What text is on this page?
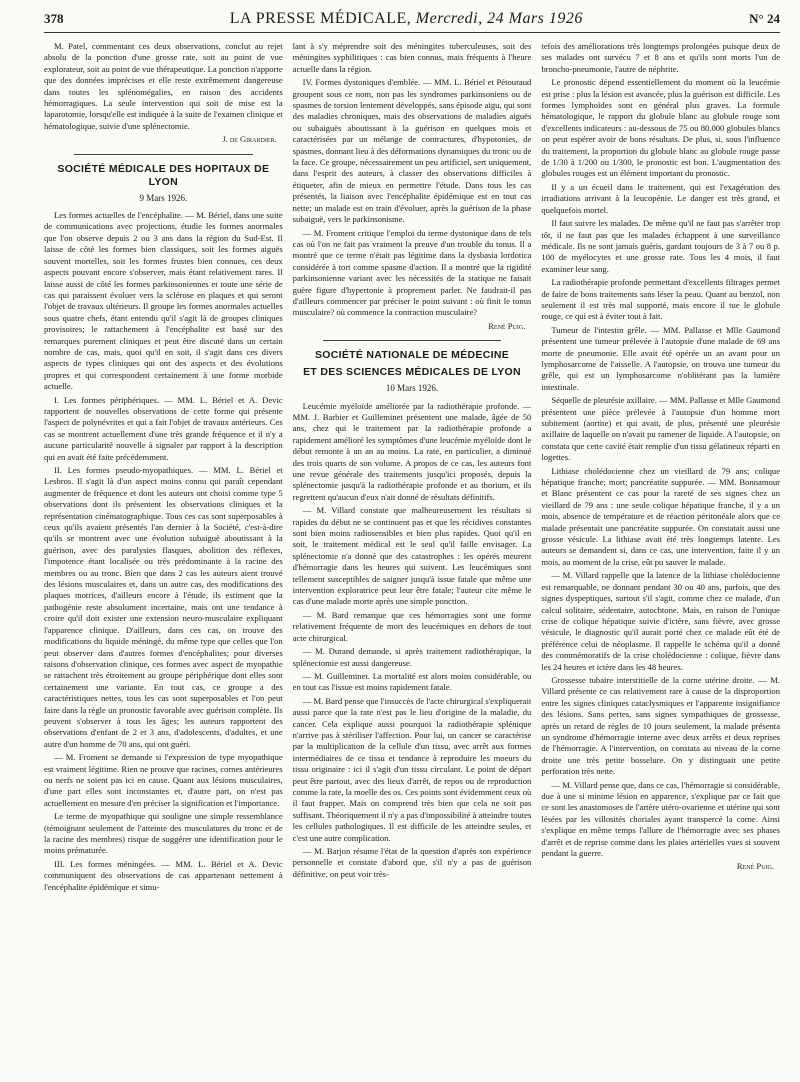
378	LA PRESSE MÉDICALE, Mercredi, 24 Mars 1926	N° 24

M. Patel, commentant ces deux observations, conclut au rejet absolu de la ponction d'une grosse rate, soit au point de vue explorateur, soit au point de vue thérapeutique. La ponction n'apporte que des données imprécises et elle reste extrêmement dangereuse dans toutes les splénomégalies, en raison des accidents hémorragiques. La seule intervention qui soit de mise est la laparotomie, lorsqu'elle est indiquée à la suite de l'examen clinique et hématologique, suivie d'une splénectomie.

J. de Girardier.
SOCIÉTÉ MÉDICALE DES HOPITAUX DE LYON
9 Mars 1926.

Les formes actuelles de l'encéphalite. — M. Bériel, dans une suite de communications avec projections, étudie les formes anormales que l'on observe depuis 2 ou 3 ans dans la région du Sud-Est. Il laisse de côté les formes bien classiques, soit les formes aiguës souvent mortelles, soit les formes frustes bien connues, ces deux aspects pouvant encore s'observer, mais étant relativement rares. Il laisse aussi de côté les formes parkinsoniennes et toute une série de cas qui paraissent évoluer vers la sclérose en plaques et qui seront l'objet de travaux ultérieurs. Il groupe les formes anormales actuelles sous quatre chefs, étant entendu qu'il s'agit là de groupes cliniques provisoires; le rattachement à l'encéphalite est basé sur des remarques purement cliniques et peut être discuté dans un certain nombre de cas, mais, quoi qu'il en soit, il s'agit dans ces divers aspects de types cliniques qui ont des aspects et des évolutions propres et qui correspondent certainement à une forme morbide actuelle.

I. Les formes périphériques. — MM. L. Bériel et A. Devic rapportent de nouvelles observations de cette forme qui présente l'aspect de polynévrites et qui a fait l'objet de travaux antérieurs. Ces cas se montrent actuellement d'une très grande fréquence et il n'y a aucune particularité nouvelle à signaler par rapport à la description qui en avait été faite précédemment.

II. Les formes pseudo-myopathiques. — MM. L. Bériel et Lesbros. Il s'agit là d'un aspect moins connu qui paraît cependant augmenter de fréquence et dont les auteurs ont choisi comme type 5 observations dont ils présentent les observations cliniques et la représentation cinématographique. Tous ces cas sont superposables à ceux qu'ils avaient présentés l'an dernier à la Société, c'est-à-dire qu'ils se montrent avec une évolution subaiguë aboutissant à la guérison, avec des paralysies flasques, abolition des réflexes, l'impotence étant localisée ou très prédominante à la racine des membres ou au tronc. Bien que dans 2 cas les auteurs aient trouvé des lésions musculaires et, dans un autre cas, des modifications des plaques motrices, d'ailleurs encore à l'étude, ils estiment que la pathogénie reste absolument incertaine, mais ont une tendance à croire qu'il doit exister une extension neuro-musculaire expliquant l'apparence clinique. D'ailleurs, dans ces cas, on trouve des modifications du liquide méningé, du même type que celles que l'on peut observer dans d'autres formes d'encéphalites; pour diverses raisons d'observation clinique, ces formes avec aspect de myopathie se rattachent très étroitement au groupe périphérique dont elles sont certainement une variante. En tout cas, ce groupe a des caractéristiques nettes, tous les cas sont superposables et l'on peut faire dans la règle un pronostic favorable avec guérison complète. Ils peuvent s'observer à tous les âges; les auteurs rapportent des observations d'enfant de 2 et 3 ans, d'adolescents, d'adultes, et une autre d'un homme de 70 ans, qui ont guéri.

— M. Froment se demande si l'expression de type myopathique est vraiment légitime. Rien ne prouve que racines, cornes antérieures ou nerfs ne soient pas ici en cause. Quant aux lésions musculaires, d'une part elles sont inconstantes et, d'autre part, on n'est pas actuellement en mesure d'en préciser la signification et l'importance.

Le terme de myopathique qui souligne une simple ressemblance (témoignant seulement de l'atteinte des musculatures du tronc et de la racine des membres) risque de suggérer une identification pour le moins prématurée.

III. Les formes méningées. — MM. L. Bériel et A. Devic communiquent des observations de cas appartenant nettement à l'encéphalite épidémique et simu-

lant à s'y méprendre soit des méningites tuberculeuses, soit des méningites syphilitiques : cas bien connus, mais fréquents à l'heure actuelle dans la région.

IV. Formes dystoniques d'emblée. — MM. L. Bériel et Pétouraud groupent sous ce nom, non pas les syndromes parkinsoniens ou de spasmes de torsion lentement développés, sans épisode aigu, qui sont des maladies chroniques, mais des observations de maladies aiguës ou subaiguës aboutissant à la guérison en quelques mois et caractérisées par un mélange de contractures, d'hypotonies, de spasmes, donnant lieu à des déformations dynamiques du tronc ou de la face. Ce groupe, nécessairement un peu artificiel, sert uniquement, dans l'esprit des auteurs, à classer des observations difficiles à étiqueter, afin de mieux en permettre l'étude. Dans tous les cas présentés, la liaison avec l'encéphalite épidémique est en tout cas nette; un malade est en train d'évoluer, après la guérison de la phase subaiguë, vers le parkinsonisme.

— M. Froment critique l'emploi du terme dystonique dans de tels cas où l'on ne fait pas vraiment la preuve d'un trouble du tonus. Il a montré que ce terme n'était pas légitime dans la dysbasia lordotica considérée à tort comme spasme d'action. Il a montré que la rigidité parkinsonienne variant avec les nécessités de la statique ne faisait guère figure d'hypertonie à proprement parler. Ne faudrait-il pas d'ailleurs commencer par préciser le point suivant : où finit le tonus musculaire? où commence la contraction musculaire?

René Puig.
SOCIÉTÉ NATIONALE DE MÉDECINE
ET DES SCIENCES MÉDICALES DE LYON
10 Mars 1926.

Leucémie myéloïde améliorée par la radiothérapie profonde. — MM. J. Barbier et Guilleminet présentent une malade, âgée de 50 ans, chez qui le traitement par la radiothérapie profonde a rapidement amélioré les symptômes d'une leucémie myéloïde dont le début remonte à un an au moins. La rate, en particulier, a diminué des trois quarts de son volume. A propos de ce cas, les auteurs font une revue générale des traitements jusqu'ici proposés, depuis la splénectomie jusqu'à la radiothérapie profonde et au thorium, et ils regrettent qu'aucun d'eux n'ait donné de résultats définitifs.

— M. Villard constate que malheureusement les résultats si rapides du début ne se continuent pas et que les récidives constantes sont bien moins radiosensibles et bien plus rapides. Quoi qu'il en soit, le traitement médical est le seul qu'il faille envisager. La splénectomie n'a donné que des catastrophes : les opérés meurent d'hémorragie dans les heures qui suivent. Les leucémiques sont tellement susceptibles de saigner jusqu'à issue fatale que même une intervention exploratrice peut leur être fatale; l'auteur cite même le cas d'une malade morte après une simple ponction.

— M. Bard remarque que ces hémorragies sont une forme relativement fréquente de mort des leucémiques en dehors de tout acte chirurgical.

— M. Durand demande, si après traitement radiothérapique, la splénectomie est aussi dangereuse.

— M. Guilleminet. La mortalité est alors moins considérable, ou en tout cas l'issue est moins rapidement fatale.

— M. Bard pense que l'insuccès de l'acte chirurgical s'expliquerait aussi parce que la rate n'est pas le lieu d'origine de la maladie, du cancer. Cela explique aussi pourquoi la radiothérapie splénique n'arrive pas à stériliser l'affection. Pour lui, un cancer se caractérise par la multiplication de la cellule d'un tissu, avec arrêt aux formes intermédiaires de ce tissu et tendance à reproduire les moeurs du tissu originaire : ici il s'agit d'un tissu circulant. Le point de départ peut être partout, avec des lieux d'arrêt, de repos ou de reproduction comme la rate, la moelle des os. Ces points sont évidemment ceux où il faut frapper. Mais on comprend très bien que cela ne soit pas suffisant. Théoriquement il n'y a pas d'impossibilité à atteindre toutes les cellules pathologiques. Il est difficile de les atteindre seules, et c'est une autre complication.

— M. Barjon résume l'état de la question d'après son expérience personnelle et constate d'abord que, s'il n'y a pas de guérison définitive, on peut voir très-

tefois des améliorations très longtemps prolongées puisque deux de ses malades ont survécu 7 et 8 ans et qu'ils sont morts l'un de broncho-pneumonie, l'autre de néphrite.

Le pronostic dépend essentiellement du moment où la leucémie est prise : plus la lésion est avancée, plus la guérison est difficile. Les formes lymphoïdes sont en général plus graves. La formule hématologique, le rapport du globule blanc au globule rouge sont d'excellents indicateurs : au-dessous de 75 ou 80.000 globules blancs on peut espérer avoir de bons résultats. De plus, si, sous l'influence du traitement, la proportion du globule blanc au globule rouge passe de 1/30 à 1/200 ou 1/300, le pronostic est bon. L'augmentation des globules rouges est un élément important du pronostic.

Il y a un écueil dans le traitement, qui est l'exagération des irradiations arrivant à la leucopénie. Le danger est très grand, et quelquefois mortel.

Il faut suivre les malades. De même qu'il ne faut pas s'arrêter trop tôt, il ne faut pas que les malades échappent à une surveillance médicale. Ils ne sont jamais guéris, gardant toujours de 3 à 7 ou 8 p. 100 de myélocytes et une grosse rate. Tous les 4 mois, il faut examiner leur sang.

La radiothérapie profonde permettant d'excellents filtrages permet de faire de bons traitements sans léser la peau. Quant au benzol, non seulement il est très mal supporté, mais encore il tue le globule rouge, ce qui est à éviter tout à fait.

Tumeur de l'intestin grêle. — MM. Pallasse et Mlle Gaumond présentent une tumeur prélevée à l'autopsie d'une malade de 69 ans morte de pneumonie. Elle avait été opérée un an avant pour un lymphosarcome de l'aisselle. A l'autopsie, on trouva une tumeur du grêle, qui est un lymphosarcome n'oblitérant pas la lumière intestinale.

Séquelle de pleurésie axillaire. — MM. Pallasse et Mlle Gaumond présentent une pièce prélevée à l'autopsie d'un homme mort subitement (aortite) et qui avait, de plus, présenté une pleurésie axillaire de laquelle on n'avait pu ramener de liquide. A l'autopsie, on constata que cette cavité était remplie d'un tissu gélatineux réparti en logettes.

Lithiase cholédocienne chez un vieillard de 79 ans; colique hépatique franche; mort; pancréatite suppurée. — MM. Bonnamour et Blanc présentent ce cas pour la rareté de ses signes chez un vieillard de 79 ans : une seule colique hépatique franche, il y a un mois, absence de température et de réaction péritonéale alors que ce malade présentait une pancréatite suppurée. On constatait aussi une grosse vésicule. La lithiase avait été très longtemps latente. Les auteurs se demandent si, dans ce cas, une intervention, faite il y un mois, au moment de la crise, eût pu sauver le malade.

— M. Villard rappelle que la latence de la lithiase cholédocienne est remarquable, ne donnant pendant 30 ou 40 ans, parfois, que des signes dyspeptiques, surtout s'il s'agit, comme chez ce malade, d'un calcul solitaire, sédentaire, autochtone. Mais, en raison de l'unique crise de colique hépatique suivie d'ictère, sans fièvre, avec grosse vésicule, le diagnostic qu'il aurait porté chez ce malade eût été de préférence celui de néoplasme. Il rappelle le schéma qu'il a donné des commémoratifs de la crise cholédocienne : colique, fièvre dans les 24 heures et ictère dans les 48 heures.

Grossesse tubaire interstitielle de la corne utérine droite. — M. Villard présente ce cas relativement rare à cause de la disproportion entre les signes cliniques cataclysmiques et l'apparente insignifiance des lésions. Sans pertes, sans signes sympathiques de grossesse, après un retard de règles de 10 jours seulement, la malade présenta un syndrome d'hémorragie interne avec deux arrêts et deux reprises de l'hémorragie. A l'intervention, on constata au niveau de la corne droite une très petite bosselure. On y distinguait une petite perforation très nette.

— M. Villard pense que, dans ce cas, l'hémorragie si considérable, due à une si minime lésion en apparence, s'explique par ce fait que ce sont les anastomoses de l'artère utéro-ovarienne et utérine qui sont lésées par les villosités choriales ayant transpercé la corne. Ainsi s'explique en même temps l'allure de l'hémorragie avec ses phases d'arrêt et de reprise comme dans les plaies artérielles vues si souvent pendant la guerre.

René Puig.
